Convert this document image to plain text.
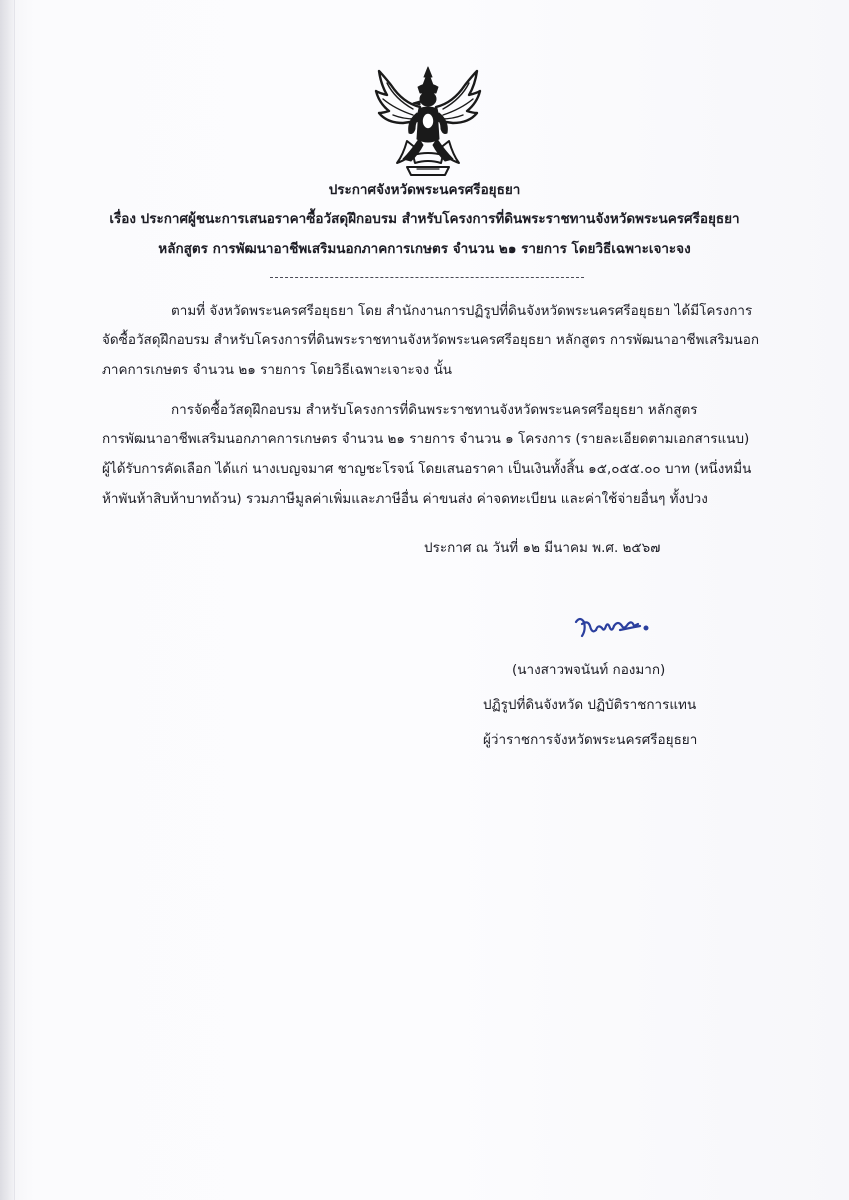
ประกาศจังหวัดพระนครศรีอยุธยา
เรื่อง ประกาศผู้ชนะการเสนอราคาซื้อวัสดุฝึกอบรม สำหรับโครงการที่ดินพระราชทานจังหวัดพระนครศรีอยุธยา
หลักสูตร การพัฒนาอาชีพเสริมนอกภาคการเกษตร จำนวน ๒๑ รายการ โดยวิธีเฉพาะเจาะจง
ตามที่ จังหวัดพระนครศรีอยุธยา โดย สำนักงานการปฏิรูปที่ดินจังหวัดพระนครศรีอยุธยา ได้มีโครงการ
จัดซื้อวัสดุฝึกอบรม สำหรับโครงการที่ดินพระราชทานจังหวัดพระนครศรีอยุธยา หลักสูตร การพัฒนาอาชีพเสริมนอก
ภาคการเกษตร จำนวน ๒๑ รายการ โดยวิธีเฉพาะเจาะจง นั้น
การจัดซื้อวัสดุฝึกอบรม สำหรับโครงการที่ดินพระราชทานจังหวัดพระนครศรีอยุธยา หลักสูตร
การพัฒนาอาชีพเสริมนอกภาคการเกษตร จำนวน ๒๑ รายการ จำนวน ๑ โครงการ (รายละเอียดตามเอกสารแนบ)
ผู้ได้รับการคัดเลือก ได้แก่ นางเบญจมาศ ชาญชะโรจน์ โดยเสนอราคา เป็นเงินทั้งสิ้น ๑๕,๐๕๕.๐๐ บาท (หนึ่งหมื่น
ห้าพันห้าสิบห้าบาทถ้วน) รวมภาษีมูลค่าเพิ่มและภาษีอื่น ค่าขนส่ง ค่าจดทะเบียน และค่าใช้จ่ายอื่นๆ ทั้งปวง
ประกาศ ณ วันที่ ๑๒ มีนาคม พ.ศ. ๒๕๖๗
(นางสาวพจนันท์ กองมาก)
ปฏิรูปที่ดินจังหวัด ปฏิบัติราชการแทน
ผู้ว่าราชการจังหวัดพระนครศรีอยุธยา
